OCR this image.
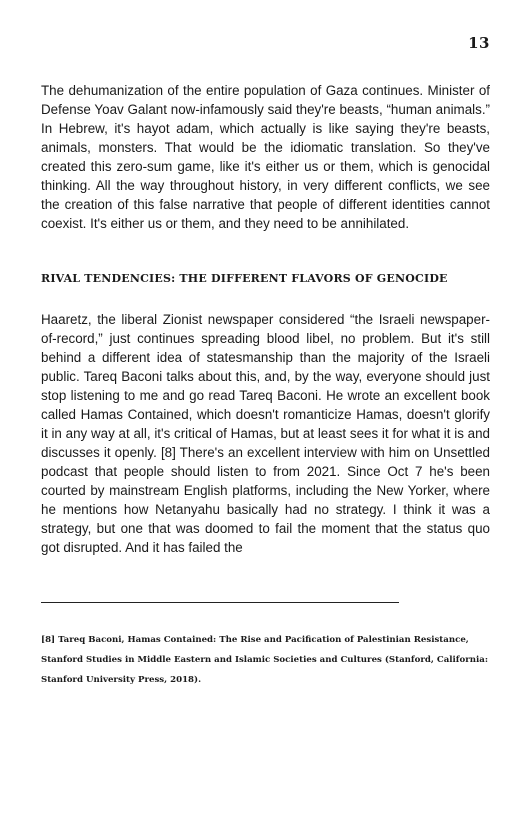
13

The dehumanization of the entire population of Gaza continues. Minister of Defense Yoav Galant now-infamously said they're beasts, “human animals.” In Hebrew, it's hayot adam, which actually is like saying they're beasts, animals, monsters. That would be the idiomatic translation. So they've created this zero-sum game, like it's either us or them, which is genocidal thinking. All the way throughout history, in very different conflicts, we see the creation of this false narrative that people of different identities cannot coexist. It's either us or them, and they need to be annihilated.

RIVAL TENDENCIES: THE DIFFERENT FLAVORS OF GENOCIDE

Haaretz, the liberal Zionist newspaper considered “the Israeli newspaper-of-record,” just continues spreading blood libel, no problem. But it's still behind a different idea of statesmanship than the majority of the Israeli public. Tareq Baconi talks about this, and, by the way, everyone should just stop listening to me and go read Tareq Baconi. He wrote an excellent book called Hamas Contained, which doesn't romanticize Hamas, doesn't glorify it in any way at all, it's critical of Hamas, but at least sees it for what it is and discusses it openly. [8] There's an excellent interview with him on Unsettled podcast that people should listen to from 2021. Since Oct 7 he's been courted by mainstream English platforms, including the New Yorker, where he mentions how Netanyahu basically had no strategy. I think it was a strategy, but one that was doomed to fail the moment that the status quo got disrupted. And it has failed the

[8] Tareq Baconi, Hamas Contained: The Rise and Pacification of Palestinian Resistance, Stanford Studies in Middle Eastern and Islamic Societies and Cultures (Stanford, California: Stanford University Press, 2018).
